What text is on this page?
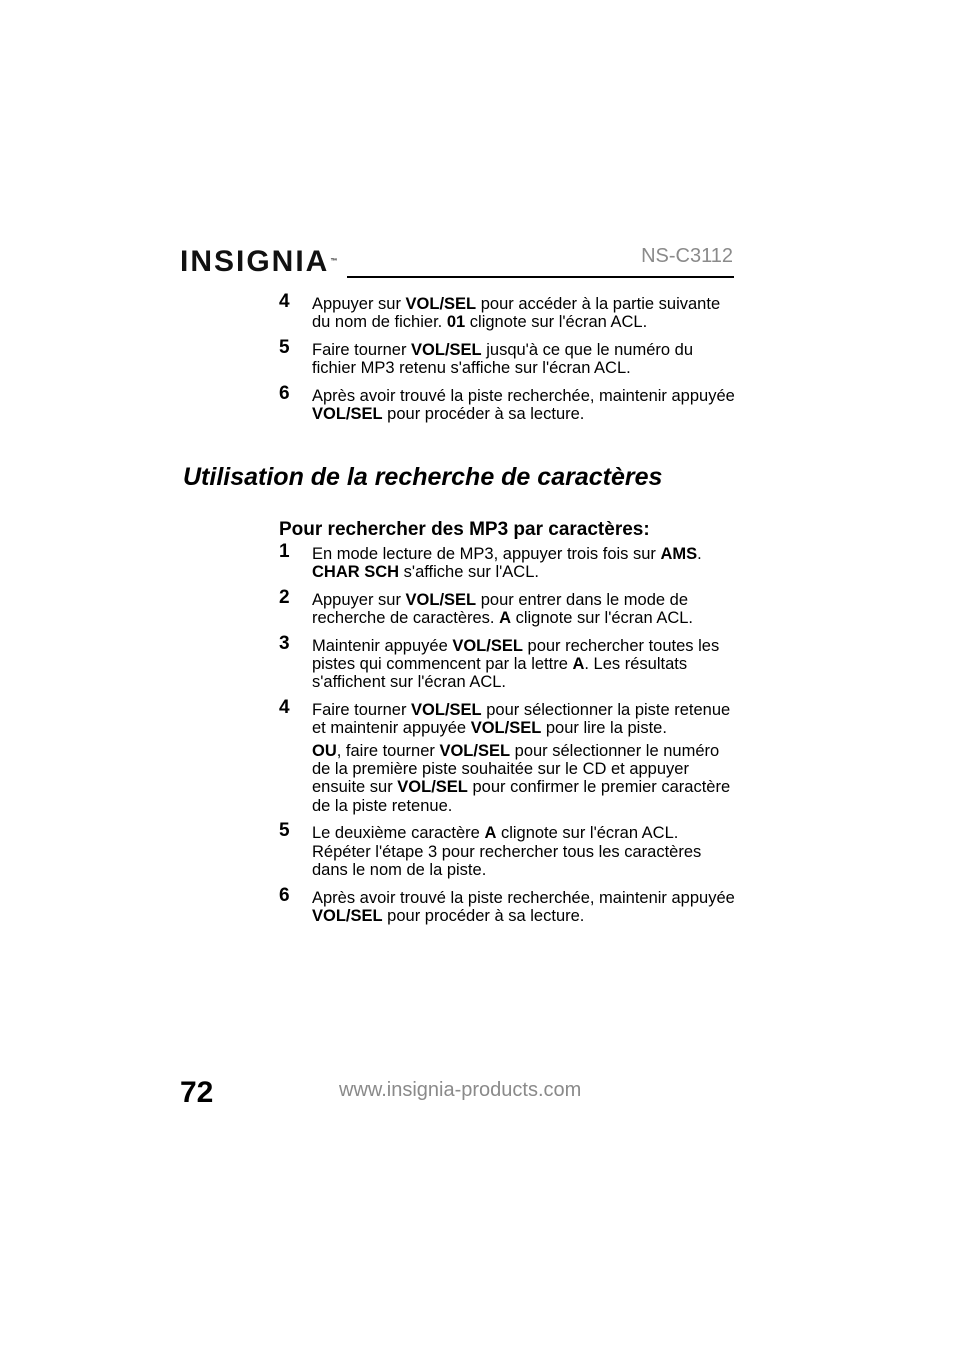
INSIGNIA™	NS-C3112
4 Appuyer sur VOL/SEL pour accéder à la partie suivante du nom de fichier. 01 clignote sur l'écran ACL.

5 Faire tourner VOL/SEL jusqu'à ce que le numéro du fichier MP3 retenu s'affiche sur l'écran ACL.

6 Après avoir trouvé la piste recherchée, maintenir appuyée VOL/SEL pour procéder à sa lecture.

Utilisation de la recherche de caractères
Pour rechercher des MP3 par caractères:
1 En mode lecture de MP3, appuyer trois fois sur AMS. CHAR SCH s'affiche sur l'ACL.

2 Appuyer sur VOL/SEL pour entrer dans le mode de recherche de caractères. A clignote sur l'écran ACL.

3 Maintenir appuyée VOL/SEL pour rechercher toutes les pistes qui commencent par la lettre A. Les résultats s'affichent sur l'écran ACL.

4 Faire tourner VOL/SEL pour sélectionner la piste retenue et maintenir appuyée VOL/SEL pour lire la piste.

OU, faire tourner VOL/SEL pour sélectionner le numéro de la première piste souhaitée sur le CD et appuyer ensuite sur VOL/SEL pour confirmer le premier caractère de la piste retenue.

5 Le deuxième caractère A clignote sur l'écran ACL. Répéter l'étape 3 pour rechercher tous les caractères dans le nom de la piste.

6 Après avoir trouvé la piste recherchée, maintenir appuyée VOL/SEL pour procéder à sa lecture.

72	www.insignia-products.com
